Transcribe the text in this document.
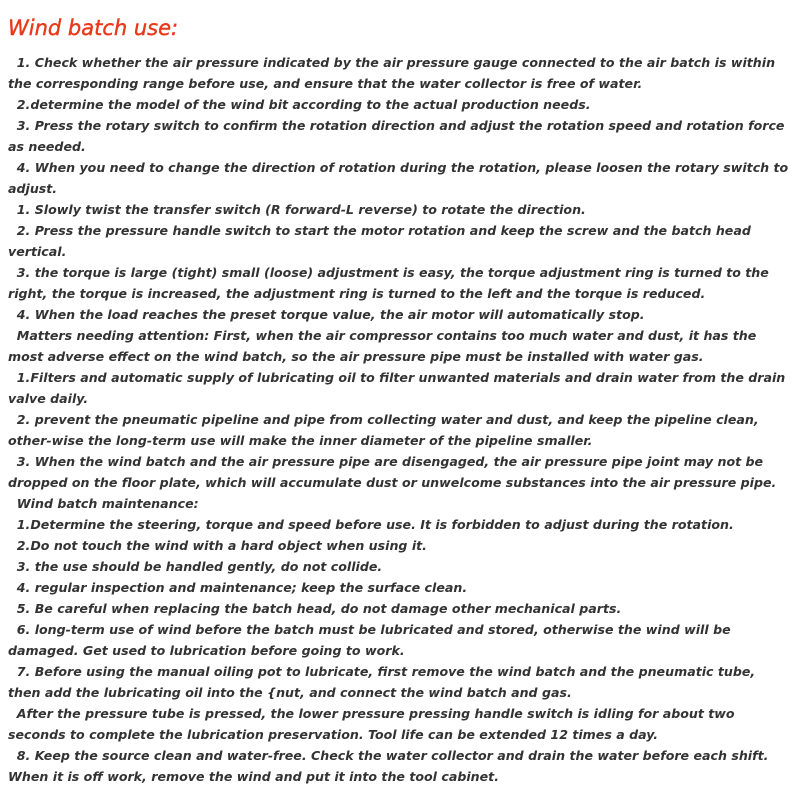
Wind batch use:

1. Check whether the air pressure indicated by the air pressure gauge connected to the air batch is within the corresponding range before use, and ensure that the water collector is free of water.

2.determine the model of the wind bit according to the actual production needs.

3. Press the rotary switch to confirm the rotation direction and adjust the rotation speed and rotation force as needed.

4. When you need to change the direction of rotation during the rotation, please loosen the rotary switch to adjust.

1. Slowly twist the transfer switch (R forward-L reverse) to rotate the direction.

2. Press the pressure handle switch to start the motor rotation and keep the screw and the batch head vertical.

3. the torque is large (tight) small (loose) adjustment is easy, the torque adjustment ring is turned to the right, the torque is increased, the adjustment ring is turned to the left and the torque is reduced.

4. When the load reaches the preset torque value, the air motor will automatically stop.

Matters needing attention: First, when the air compressor contains too much water and dust, it has the most adverse effect on the wind batch, so the air pressure pipe must be installed with water gas.

1.Filters and automatic supply of lubricating oil to filter unwanted materials and drain water from the drain valve daily.

2. prevent the pneumatic pipeline and pipe from collecting water and dust, and keep the pipeline clean, other-wise the long-term use will make the inner diameter of the pipeline smaller.

3. When the wind batch and the air pressure pipe are disengaged, the air pressure pipe joint may not be dropped on the floor plate, which will accumulate dust or unwelcome substances into the air pressure pipe.

Wind batch maintenance:

1.Determine the steering, torque and speed before use. It is forbidden to adjust during the rotation.

2.Do not touch the wind with a hard object when using it.

3. the use should be handled gently, do not collide.

4. regular inspection and maintenance; keep the surface clean.

5. Be careful when replacing the batch head, do not damage other mechanical parts.

6. long-term use of wind before the batch must be lubricated and stored, otherwise the wind will be damaged. Get used to lubrication before going to work.

7. Before using the manual oiling pot to lubricate, first remove the wind batch and the pneumatic tube, then add the lubricating oil into the {nut, and connect the wind batch and gas.

After the pressure tube is pressed, the lower pressure pressing handle switch is idling for about two seconds to complete the lubrication preservation. Tool life can be extended 12 times a day.

8. Keep the source clean and water-free. Check the water collector and drain the water before each shift. When it is off work, remove the wind and put it into the tool cabinet.
